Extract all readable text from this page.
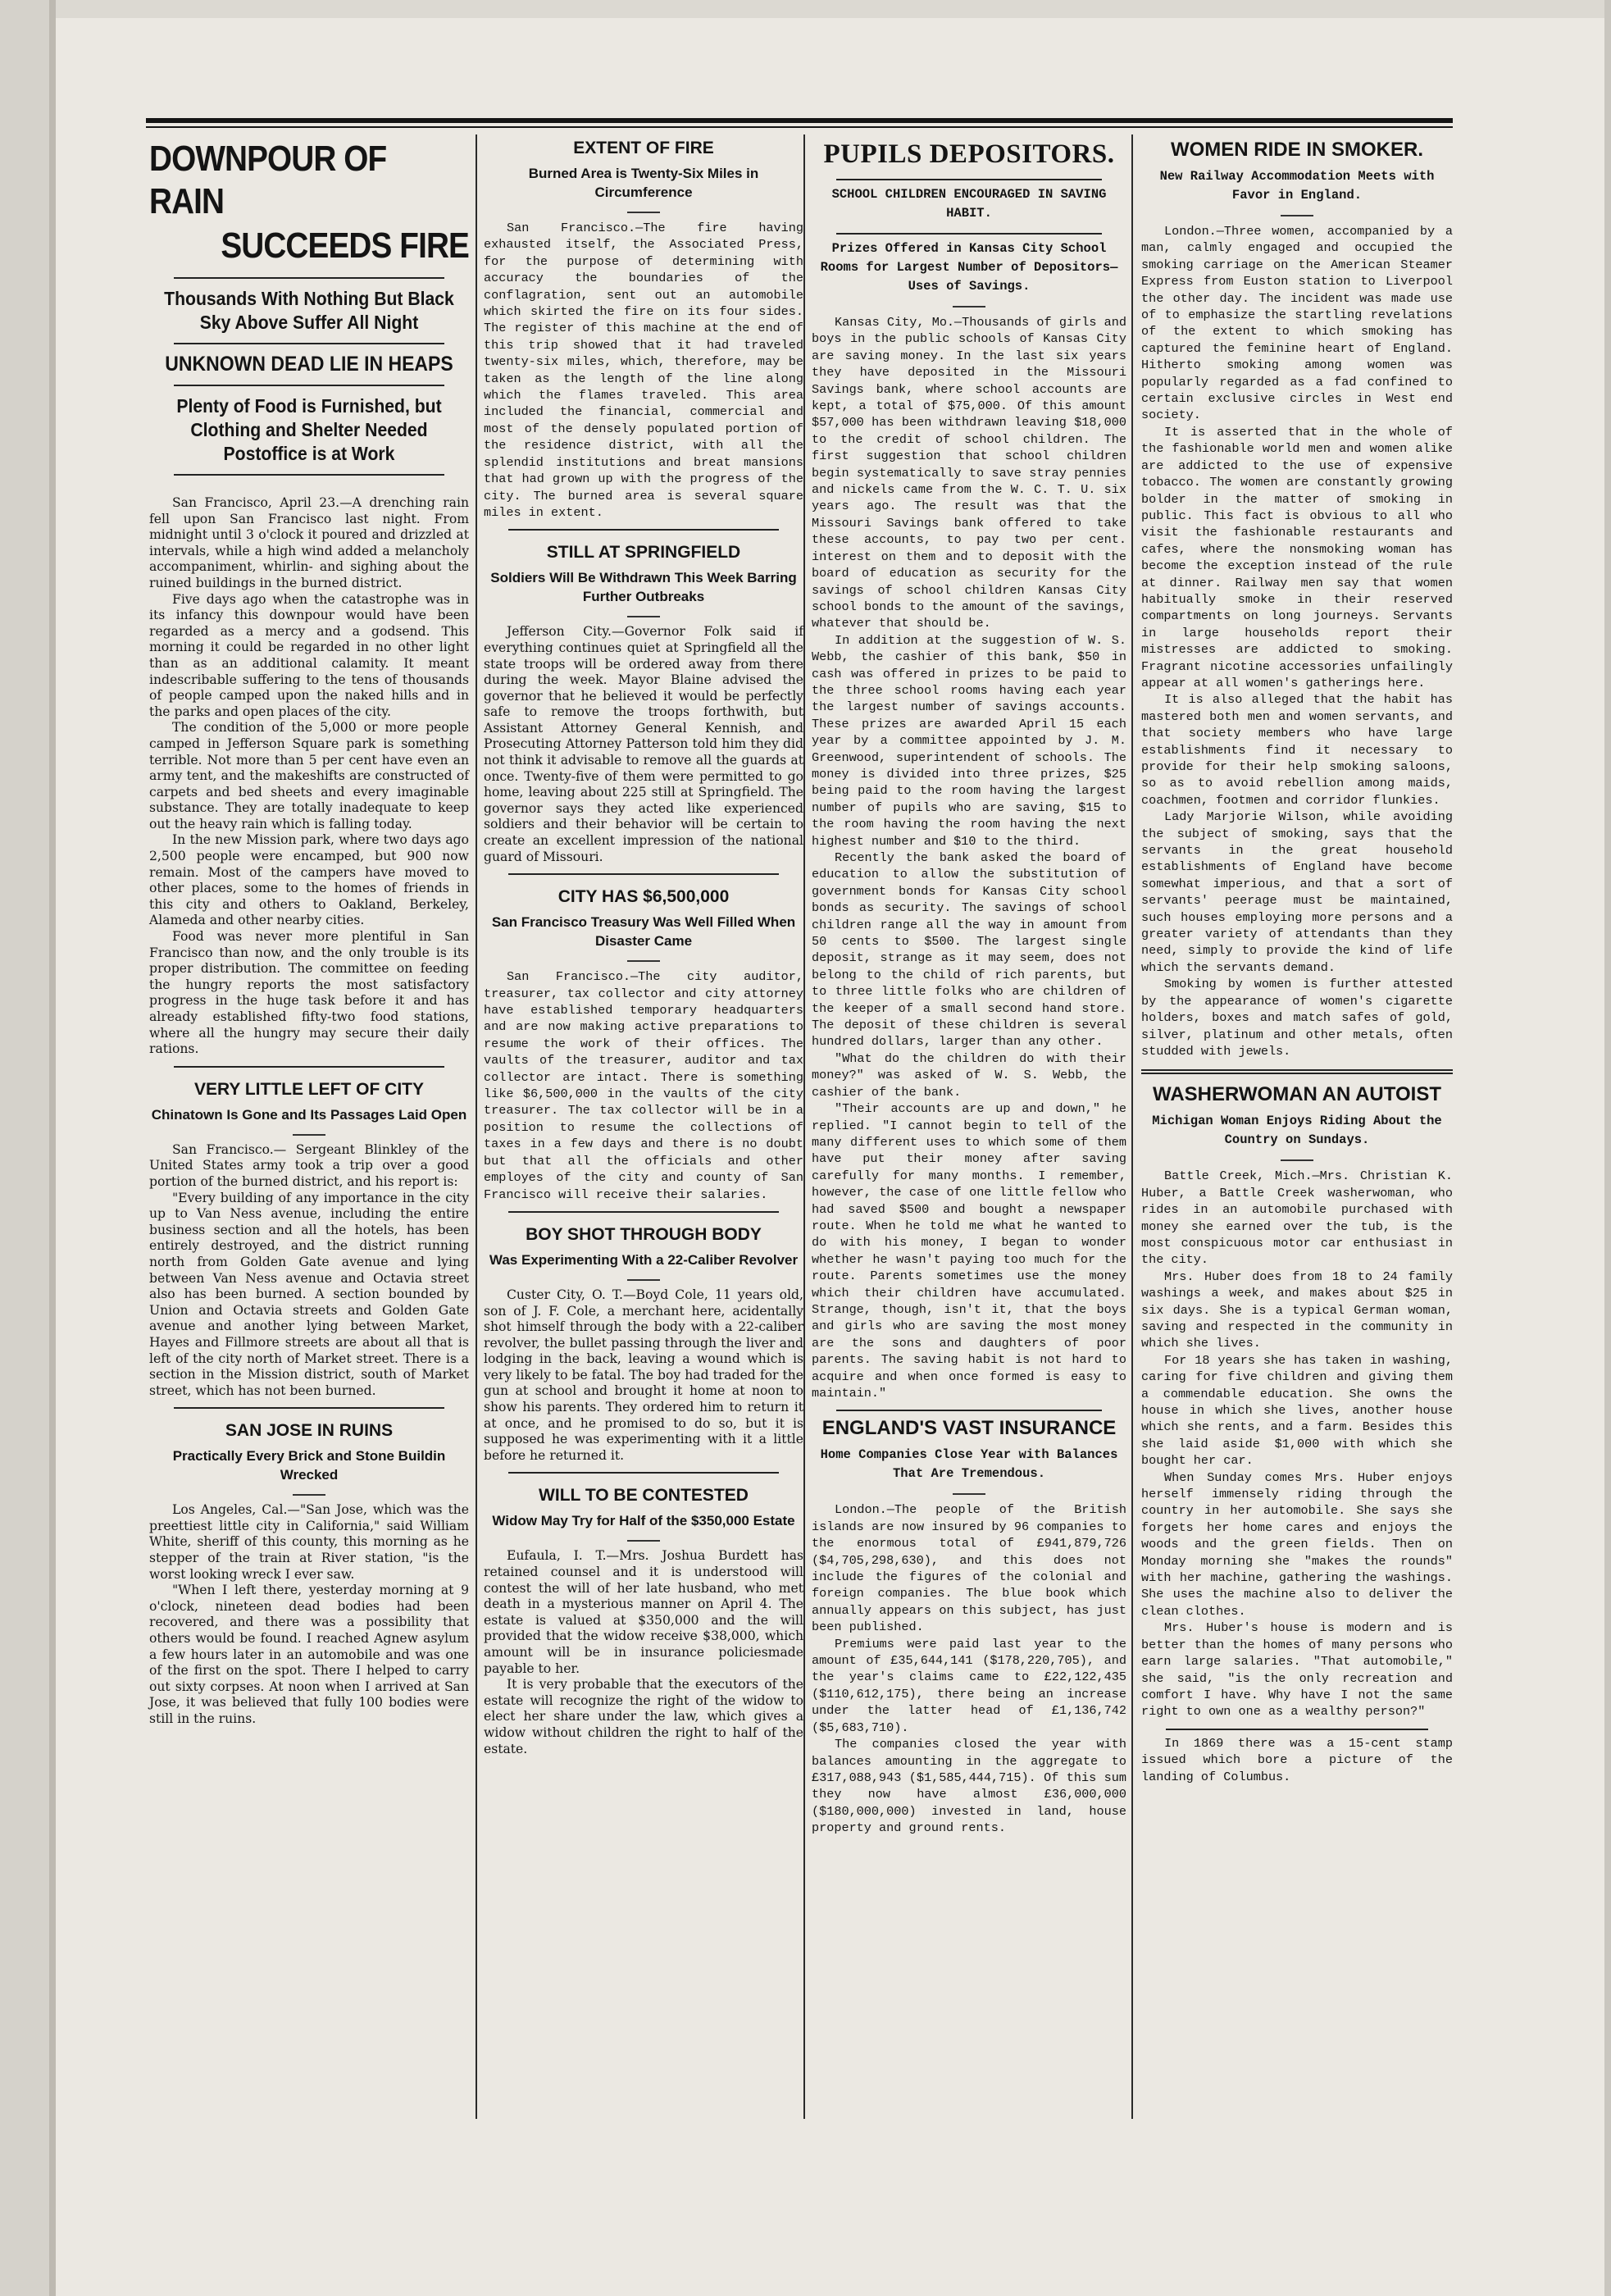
DOWNPOUR OF RAIN
SUCCEEDS FIRE
Thousands With Nothing But Black Sky Above Suffer All Night
UNKNOWN DEAD LIE IN HEAPS
Plenty of Food is Furnished, but Clothing and Shelter Needed Postoffice is at Work

San Francisco, April 23.—A drenching rain fell upon San Francisco last night. From midnight until 3 o'clock it poured and drizzled at intervals, while a high wind added a melancholy accompaniment, whirlin- and sighing about the ruined buildings in the burned district.

Five days ago when the catastrophe was in its infancy this downpour would have been regarded as a mercy and a godsend. This morning it could be regarded in no other light than as an additional calamity. It meant indescribable suffering to the tens of thousands of people camped upon the naked hills and in the parks and open places of the city.

The condition of the 5,000 or more people camped in Jefferson Square park is something terrible. Not more than 5 per cent have even an army tent, and the makeshifts are constructed of carpets and bed sheets and every imaginable substance. They are totally inadequate to keep out the heavy rain which is falling today.

In the new Mission park, where two days ago 2,500 people were encamped, but 900 now remain. Most of the campers have moved to other places, some to the homes of friends in this city and others to Oakland, Berkeley, Alameda and other nearby cities.

Food was never more plentiful in San Francisco than now, and the only trouble is its proper distribution. The committee on feeding the hungry reports the most satisfactory progress in the huge task before it and has already established fifty-two food stations, where all the hungry may secure their daily rations.

VERY LITTLE LEFT OF CITY
Chinatown Is Gone and Its Passages Laid Open

San Francisco.— Sergeant Blinkley of the United States army took a trip over a good portion of the burned district, and his report is:

"Every building of any importance in the city up to Van Ness avenue, including the entire business section and all the hotels, has been entirely destroyed, and the district running north from Golden Gate avenue and lying between Van Ness avenue and Octavia street also has been burned. A section bounded by Union and Octavia streets and Golden Gate avenue and another lying between Market, Hayes and Fillmore streets are about all that is left of the city north of Market street. There is a section in the Mission district, south of Market street, which has not been burned.

SAN JOSE IN RUINS
Practically Every Brick and Stone Buildin Wrecked

Los Angeles, Cal.—"San Jose, which was the preettiest little city in California," said William White, sheriff of this county, this morning as he stepper of the train at River station, "is the worst looking wreck I ever saw.

"When I left there, yesterday morning at 9 o'clock, nineteen dead bodies had been recovered, and there was a possibility that others would be found. I reached Agnew asylum a few hours later in an automobile and was one of the first on the spot. There I helped to carry out sixty corpses. At noon when I arrived at San Jose, it was believed that fully 100 bodies were still in the ruins.

EXTENT OF FIRE
Burned Area is Twenty-Six Miles in Circumference

San Francisco.—The fire having exhausted itself, the Associated Press, for the purpose of determining with accuracy the boundaries of the conflagration, sent out an automobile which skirted the fire on its four sides. The register of this machine at the end of this trip showed that it had traveled twenty-six miles, which, therefore, may be taken as the length of the line along which the flames traveled. This area included the financial, commercial and most of the densely populated portion of the residence district, with all the splendid institutions and breat mansions that had grown up with the progress of the city. The burned area is several square miles in extent.

STILL AT SPRINGFIELD
Soldiers Will Be Withdrawn This Week Barring Further Outbreaks

Jefferson City.—Governor Folk said if everything continues quiet at Springfield all the state troops will be ordered away from there during the week. Mayor Blaine advised the governor that he believed it would be perfectly safe to remove the troops forthwith, but Assistant Attorney General Kennish, and Prosecuting Attorney Patterson told him they did not think it advisable to remove all the guards at once. Twenty-five of them were permitted to go home, leaving about 225 still at Springfield. The governor says they acted like experienced soldiers and their behavior will be certain to create an excellent impression of the national guard of Missouri.

CITY HAS $6,500,000
San Francisco Treasury Was Well Filled When Disaster Came

San Francisco.—The city auditor, treasurer, tax collector and city attorney have established temporary headquarters and are now making active preparations to resume the work of their offices. The vaults of the treasurer, auditor and tax collector are intact. There is something like $6,500,000 in the vaults of the city treasurer. The tax collector will be in a position to resume the collections of taxes in a few days and there is no doubt but that all the officials and other employes of the city and county of San Francisco will receive their salaries.

BOY SHOT THROUGH BODY
Was Experimenting With a 22-Caliber Revolver

Custer City, O. T.—Boyd Cole, 11 years old, son of J. F. Cole, a merchant here, acidentally shot himself through the body with a 22-caliber revolver, the bullet passing through the liver and lodging in the back, leaving a wound which is very likely to be fatal. The boy had traded for the gun at school and brought it home at noon to show his parents. They ordered him to return it at once, and he promised to do so, but it is supposed he was experimenting with it a little before he returned it.

WILL TO BE CONTESTED
Widow May Try for Half of the $350,000 Estate

Eufaula, I. T.—Mrs. Joshua Burdett has retained counsel and it is understood will contest the will of her late husband, who met death in a mysterious manner on April 4. The estate is valued at $350,000 and the will provided that the widow receive $38,000, which amount will be in insurance policiesmade payable to her.

It is very probable that the executors of the estate will recognize the right of the widow to elect her share under the law, which gives a widow without children the right to half of the estate.

PUPILS DEPOSITORS.
SCHOOL CHILDREN ENCOURAGED IN SAVING HABIT.
Prizes Offered in Kansas City School Rooms for Largest Number of Depositors—Uses of Savings.

Kansas City, Mo.—Thousands of girls and boys in the public schools of Kansas City are saving money. In the last six years they have deposited in the Missouri Savings bank, where school accounts are kept, a total of $75,000. Of this amount $57,000 has been withdrawn leaving $18,000 to the credit of school children. The first suggestion that school children begin systematically to save stray pennies and nickels came from the W. C. T. U. six years ago. The result was that the Missouri Savings bank offered to take these accounts, to pay two per cent. interest on them and to deposit with the board of education as security for the savings of school children Kansas City school bonds to the amount of the savings, whatever that should be.

In addition at the suggestion of W. S. Webb, the cashier of this bank, $50 in cash was offered in prizes to be paid to the three school rooms having each year the largest number of savings accounts. These prizes are awarded April 15 each year by a committee appointed by J. M. Greenwood, superintendent of schools. The money is divided into three prizes, $25 being paid to the room having the largest number of pupils who are saving, $15 to the room having the room having the next highest number and $10 to the third.

Recently the bank asked the board of education to allow the substitution of government bonds for Kansas City school bonds as security. The savings of school children range all the way in amount from 50 cents to $500. The largest single deposit, strange as it may seem, does not belong to the child of rich parents, but to three little folks who are children of the keeper of a small second hand store. The deposit of these children is several hundred dollars, larger than any other.

"What do the children do with their money?" was asked of W. S. Webb, the cashier of the bank.

"Their accounts are up and down," he replied. "I cannot begin to tell of the many different uses to which some of them have put their money after saving carefully for many months. I remember, however, the case of one little fellow who had saved $500 and bought a newspaper route. When he told me what he wanted to do with his money, I began to wonder whether he wasn't paying too much for the route. Parents sometimes use the money which their children have accumulated. Strange, though, isn't it, that the boys and girls who are saving the most money are the sons and daughters of poor parents. The saving habit is not hard to acquire and when once formed is easy to maintain."

ENGLAND'S VAST INSURANCE
Home Companies Close Year with Balances That Are Tremendous.

London.—The people of the British islands are now insured by 96 companies to the enormous total of £941,879,726 ($4,705,298,630), and this does not include the figures of the colonial and foreign companies. The blue book which annually appears on this subject, has just been published.

Premiums were paid last year to the amount of £35,644,141 ($178,220,705), and the year's claims came to £22,122,435 ($110,612,175), there being an increase under the latter head of £1,136,742 ($5,683,710).

The companies closed the year with balances amounting in the aggregate to £317,088,943 ($1,585,444,715). Of this sum they now have almost £36,000,000 ($180,000,000) invested in land, house property and ground rents.

WOMEN RIDE IN SMOKER.
New Railway Accommodation Meets with Favor in England.

London.—Three women, accompanied by a man, calmly engaged and occupied the smoking carriage on the American Steamer Express from Euston station to Liverpool the other day. The incident was made use of to emphasize the startling revelations of the extent to which smoking has captured the feminine heart of England. Hitherto smoking among women was popularly regarded as a fad confined to certain exclusive circles in West end society.

It is asserted that in the whole of the fashionable world men and women alike are addicted to the use of expensive tobacco. The women are constantly growing bolder in the matter of smoking in public. This fact is obvious to all who visit the fashionable restaurants and cafes, where the nonsmoking woman has become the exception instead of the rule at dinner. Railway men say that women habitually smoke in their reserved compartments on long journeys. Servants in large households report their mistresses are addicted to smoking. Fragrant nicotine accessories unfailingly appear at all women's gatherings here.

It is also alleged that the habit has mastered both men and women servants, and that society members who have large establishments find it necessary to provide for their help smoking saloons, so as to avoid rebellion among maids, coachmen, footmen and corridor flunkies.

Lady Marjorie Wilson, while avoiding the subject of smoking, says that the servants in the great household establishments of England have become somewhat imperious, and that a sort of servants' peerage must be maintained, such houses employing more persons and a greater variety of attendants than they need, simply to provide the kind of life which the servants demand.

Smoking by women is further attested by the appearance of women's cigarette holders, boxes and match safes of gold, silver, platinum and other metals, often studded with jewels.

WASHERWOMAN AN AUTOIST
Michigan Woman Enjoys Riding About the Country on Sundays.

Battle Creek, Mich.—Mrs. Christian K. Huber, a Battle Creek washerwoman, who rides in an automobile purchased with money she earned over the tub, is the most conspicuous motor car enthusiast in the city.

Mrs. Huber does from 18 to 24 family washings a week, and makes about $25 in six days. She is a typical German woman, saving and respected in the community in which she lives.

For 18 years she has taken in washing, caring for five children and giving them a commendable education. She owns the house in which she lives, another house which she rents, and a farm. Besides this she laid aside $1,000 with which she bought her car.

When Sunday comes Mrs. Huber enjoys herself immensely riding through the country in her automobile. She says she forgets her home cares and enjoys the woods and the green fields. Then on Monday morning she "makes the rounds" with her machine, gathering the washings. She uses the machine also to deliver the clean clothes.

Mrs. Huber's house is modern and is better than the homes of many persons who earn large salaries. "That automobile," she said, "is the only recreation and comfort I have. Why have I not the same right to own one as a wealthy person?"

In 1869 there was a 15-cent stamp issued which bore a picture of the landing of Columbus.
